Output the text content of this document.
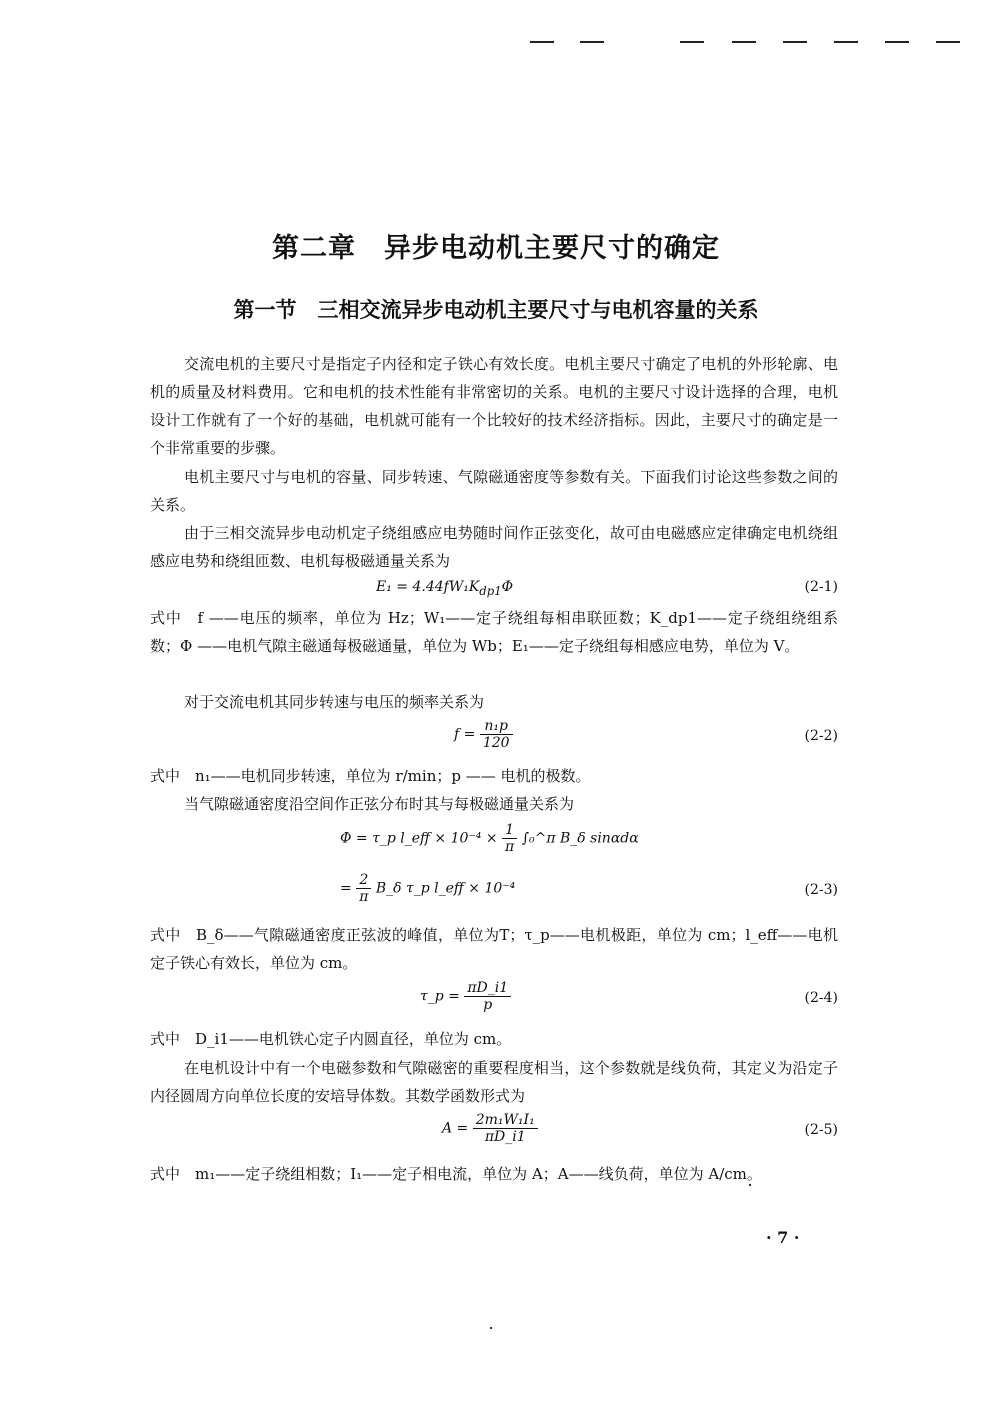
第二章　异步电动机主要尺寸的确定
第一节　三相交流异步电动机主要尺寸与电机容量的关系
交流电机的主要尺寸是指定子内径和定子铁心有效长度。电机主要尺寸确定了电机的外形轮廓、电机的质量及材料费用。它和电机的技术性能有非常密切的关系。电机的主要尺寸设计选择的合理，电机设计工作就有了一个好的基础，电机就可能有一个比较好的技术经济指标。因此，主要尺寸的确定是一个非常重要的步骤。
电机主要尺寸与电机的容量、同步转速、气隙磁通密度等参数有关。下面我们讨论这些参数之间的关系。
由于三相交流异步电动机定子绕组感应电势随时间作正弦变化，故可由电磁感应定律确定电机绕组感应电势和绕组匝数、电机每极磁通量关系为
$E_1 = 4.44fW_1K_{dp1}\Phi$	(2-1)
式中　f ——电压的频率，单位为 Hz；W₁——定子绕组每相串联匝数；K_dp1——定子绕组绕组系数；Φ ——电机气隙主磁通每极磁通量，单位为 Wb；E₁——定子绕组每相感应电势，单位为 V。
对于交流电机其同步转速与电压的频率关系为
$f = \frac{\text{n₁p}}{120}$	(2-2)
式中　n₁——电机同步转速，单位为 r/min；p —— 电机的极数。
当气隙磁通密度沿空间作正弦分布时其与每极磁通量关系为
Φ = τ_p l_eff × $10^{-4} \times \frac{1}{\pi}$ ∫₀^π B_δ sinαdα
= $\frac{2}{\pi}$ B_δ τ_p l_eff × 10⁻⁴	(2-3)
式中　B_δ——气隙磁通密度正弦波的峰值，单位为T；τ_p——电机极距，单位为 cm；l_eff——电机定子铁心有效长，单位为 cm。
τ_p = $\frac{\pi D\_i1}{p}$	(2-4)
式中　D_i1——电机铁心定子内圆直径，单位为 cm。
在电机设计中有一个电磁参数和气隙磁密的重要程度相当，这个参数就是线负荷，其定义为沿定子内径圆周方向单位长度的安培导体数。其数学函数形式为
$A = \frac{\text{2m₁W₁I₁}}{\pi D\_i1}$	(2-5)
式中　m₁——定子绕组相数；I₁——定子相电流，单位为 A；A——线负荷，单位为 A/cm。
· 7 ·
